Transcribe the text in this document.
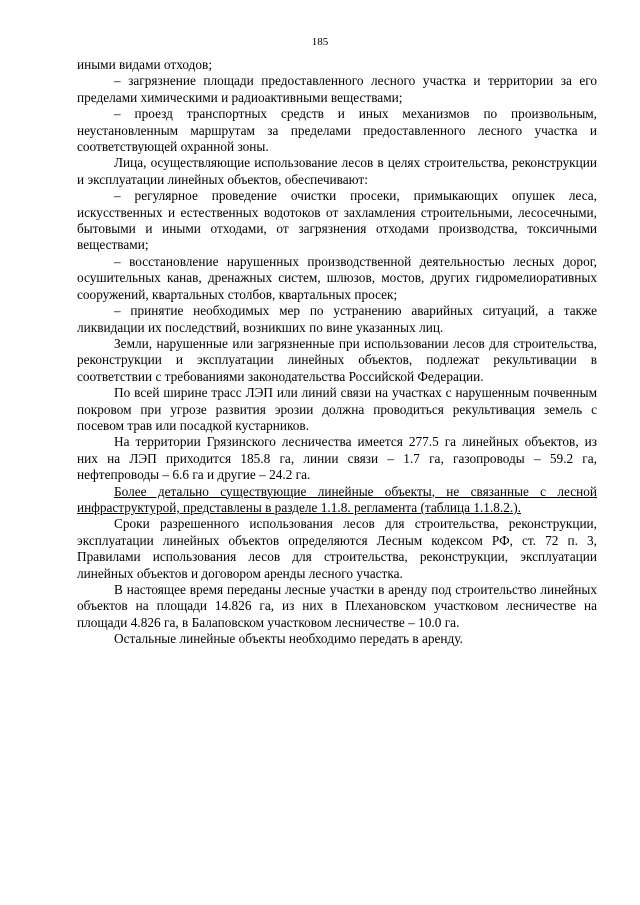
185

иными видами отходов;

– загрязнение площади предоставленного лесного участка и территории за его пределами химическими и радиоактивными веществами;

– проезд транспортных средств и иных механизмов по произвольным, неустановленным маршрутам за пределами предоставленного лесного участка и соответствующей охранной зоны.

Лица, осуществляющие использование лесов в целях строительства, реконструкции и эксплуатации линейных объектов, обеспечивают:

– регулярное проведение очистки просеки, примыкающих опушек леса, искусственных и естественных водотоков от захламления строительными, лесосечными, бытовыми и иными отходами, от загрязнения отходами производства, токсичными веществами;

– восстановление нарушенных производственной деятельностью лесных дорог, осушительных канав, дренажных систем, шлюзов, мостов, других гидромелиоративных сооружений, квартальных столбов, квартальных просек;

– принятие необходимых мер по устранению аварийных ситуаций, а также ликвидации их последствий, возникших по вине указанных лиц.

Земли, нарушенные или загрязненные при использовании лесов для строительства, реконструкции и эксплуатации линейных объектов, подлежат рекультивации в соответствии с требованиями законодательства Российской Федерации.

По всей ширине трасс ЛЭП или линий связи на участках с нарушенным почвенным покровом при угрозе развития эрозии должна проводиться рекультивация земель с посевом трав или посадкой кустарников.

На территории Грязинского лесничества имеется 277.5 га линейных объектов, из них на ЛЭП приходится 185.8 га, линии связи – 1.7 га, газопроводы – 59.2 га, нефтепроводы – 6.6 га и другие – 24.2 га.

Более детально существующие линейные объекты, не связанные с лесной инфраструктурой, представлены в разделе 1.1.8. регламента (таблица 1.1.8.2.).

Сроки разрешенного использования лесов для строительства, реконструкции, эксплуатации линейных объектов определяются Лесным кодексом РФ, ст. 72 п. 3, Правилами использования лесов для строительства, реконструкции, эксплуатации линейных объектов и договором аренды лесного участка.

В настоящее время переданы лесные участки в аренду под строительство линейных объектов на площади 14.826 га, из них в Плехановском участковом лесничестве на площади 4.826 га, в Балаповском участковом лесничестве – 10.0 га.

Остальные линейные объекты необходимо передать в аренду.
